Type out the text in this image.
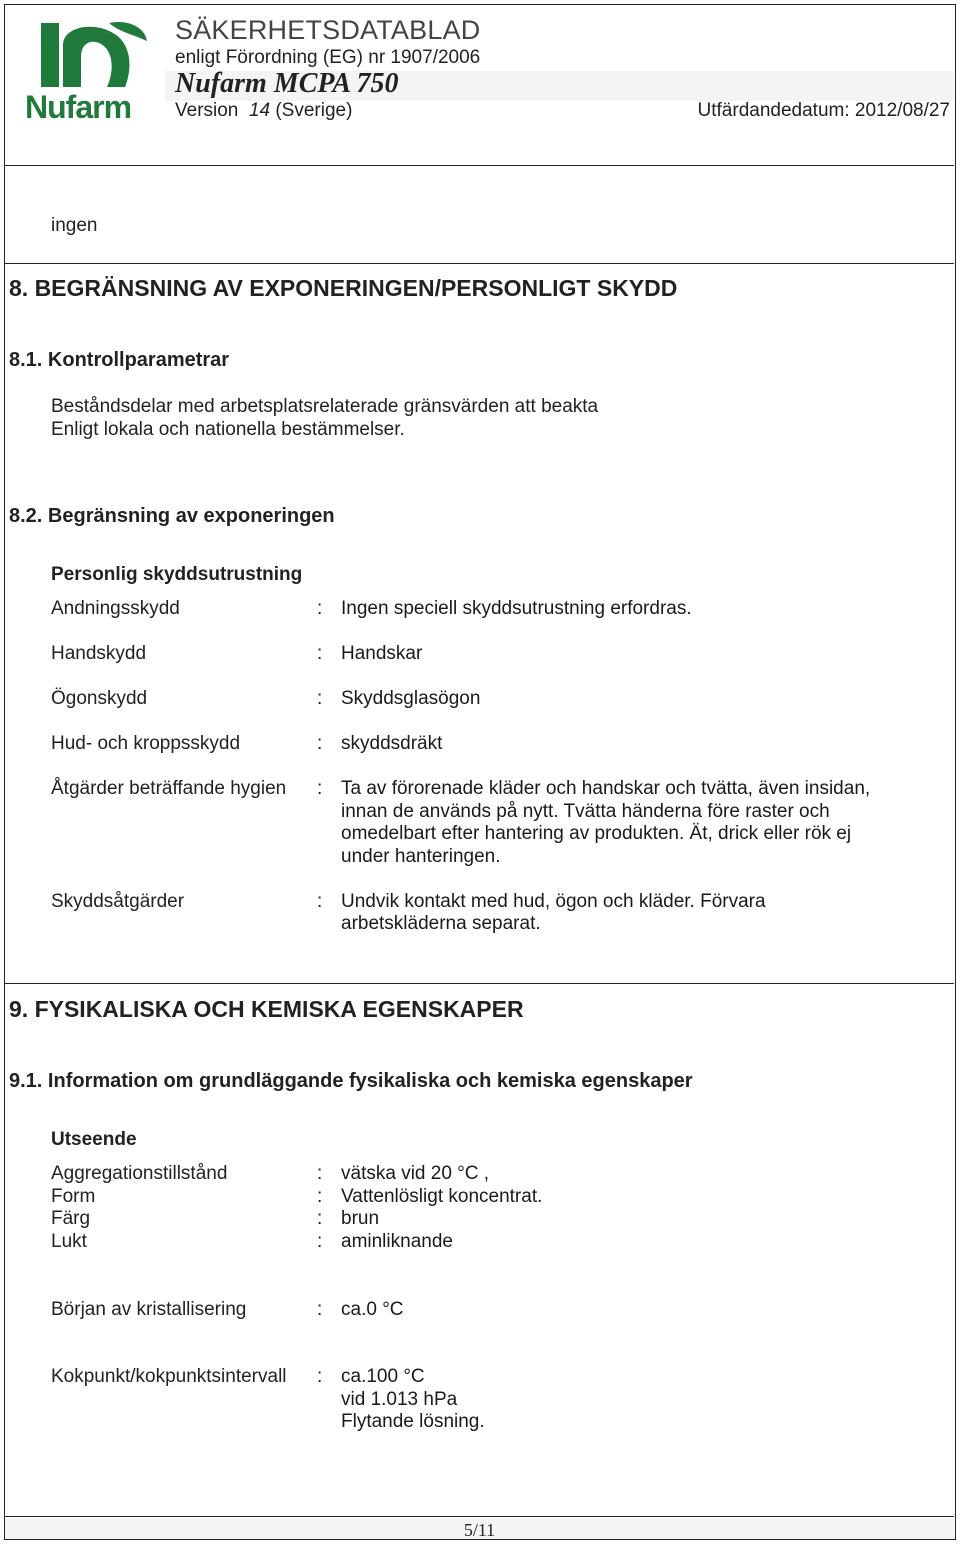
Nufarm
SÄKERHETSDATABLAD
enligt Förordning (EG) nr 1907/2006
Nufarm MCPA 750
Version 14 (Sverige)	Utfärdandedatum: 2012/08/27
ingen
8. BEGRÄNSNING AV EXPONERINGEN/PERSONLIGT SKYDD
8.1. Kontrollparametrar
Beståndsdelar med arbetsplatsrelaterade gränsvärden att beakta
Enligt lokala och nationella bestämmelser.
8.2. Begränsning av exponeringen
Personlig skyddsutrustning
Andningsskydd	: Ingen speciell skyddsutrustning erfordras.
Handskydd	: Handskar
Ögonskydd	: Skyddsglasögon
Hud- och kroppsskydd	: skyddsdräkt
Åtgärder beträffande hygien : Ta av förorenade kläder och handskar och tvätta, även insidan,
innan de används på nytt. Tvätta händerna före raster och
omedelbart efter hantering av produkten. Ät, drick eller rök ej
under hanteringen.
Skyddsåtgärder	: Undvik kontakt med hud, ögon och kläder. Förvara
arbetskläderna separat.
9. FYSIKALISKA OCH KEMISKA EGENSKAPER
9.1. Information om grundläggande fysikaliska och kemiska egenskaper
Utseende
Aggregationstillstånd	: vätska vid 20 °C ,
Form	: Vattenlösligt koncentrat.
Färg	: brun
Lukt	: aminliknande
Början av kristallisering	: ca.0 °C
Kokpunkt/kokpunktsintervall : ca.100 °C
vid 1.013 hPa
Flytande lösning.
5/11
